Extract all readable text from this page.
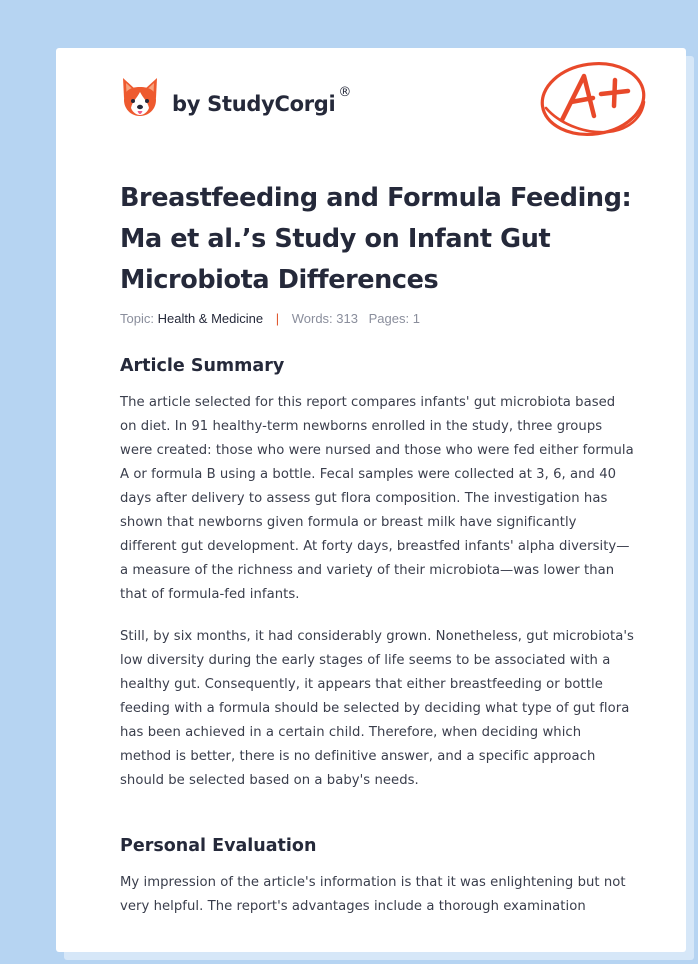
by StudyCorgi ®
Breastfeeding and Formula Feeding: Ma et al.’s Study on Infant Gut Microbiota Differences
Topic: Health & Medicine | Words: 313 Pages: 1
Article Summary

The article selected for this report compares infants' gut microbiota based on diet. In 91 healthy-term newborns enrolled in the study, three groups were created: those who were nursed and those who were fed either formula A or formula B using a bottle. Fecal samples were collected at 3, 6, and 40 days after delivery to assess gut flora composition. The investigation has shown that newborns given formula or breast milk have significantly different gut development. At forty days, breastfed infants' alpha diversity—a measure of the richness and variety of their microbiota—was lower than that of formula-fed infants.

Still, by six months, it had considerably grown. Nonetheless, gut microbiota's low diversity during the early stages of life seems to be associated with a healthy gut. Consequently, it appears that either breastfeeding or bottle feeding with a formula should be selected by deciding what type of gut flora has been achieved in a certain child. Therefore, when deciding which method is better, there is no definitive answer, and a specific approach should be selected based on a baby's needs.

Personal Evaluation

My impression of the article's information is that it was enlightening but not very helpful. The report's advantages include a thorough examination
